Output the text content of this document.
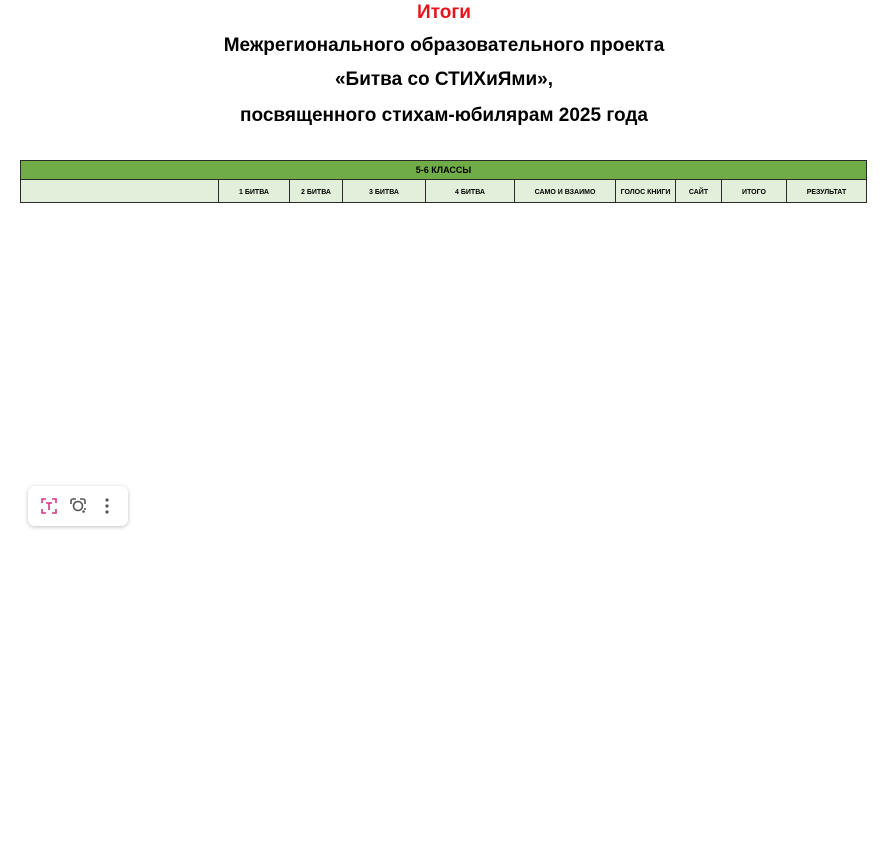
Итоги
Межрегионального образовательного проекта
«Битва со СТИХиЯми»,
посвященного стихам-юбилярам 2025 года
5-6 КЛАССЫ
	1 БИТВА	2 БИТВА	3 БИТВА	4 БИТВА	САМО И ВЗАИМО	ГОЛОС КНИГИ	САЙТ	ИТОГО	РЕЗУЛЬТАТ
